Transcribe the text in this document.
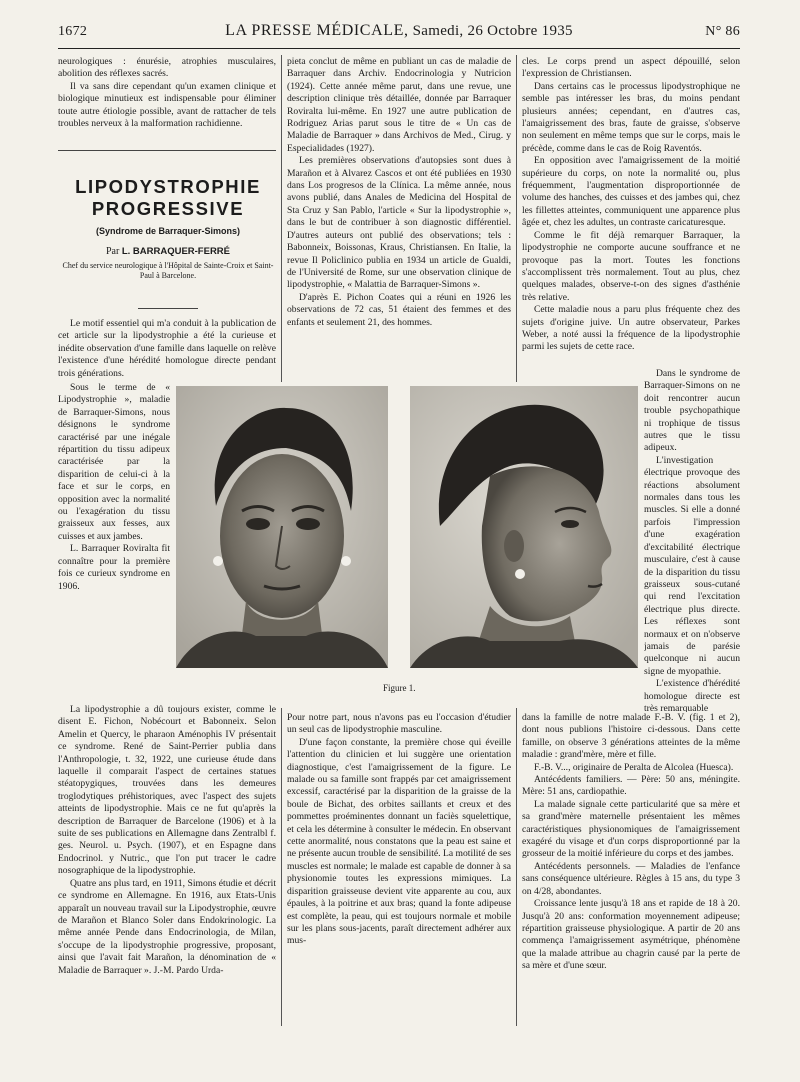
1672	LA PRESSE MÉDICALE, Samedi, 26 Octobre 1935	N° 86

neurologiques : énurésie, atrophies musculaires, abolition des réflexes sacrés.

Il va sans dire cependant qu'un examen clinique et biologique minutieux est indispensable pour éliminer toute autre étiologie possible, avant de rattacher de tels troubles nerveux à la malformation rachidienne.

LIPODYSTROPHIE PROGRESSIVE
(Syndrome de Barraquer-Simons)
Par L. BARRAQUER-FERRÉ
Chef du service neurologique à l'Hôpital de Sainte-Croix et Saint-Paul à Barcelone.

Le motif essentiel qui m'a conduit à la publication de cet article sur la lipodystrophie a été la curieuse et inédite observation d'une famille dans laquelle on relève l'existence d'une hérédité homologue directe pendant trois générations.

Sous le terme de « Lipodystrophie », maladie de Barraquer-Simons, nous désignons le syndrome caractérisé par une inégale répartition du tissu adipeux caractérisée par la disparition de celui-ci à la face et sur le corps, en opposition avec la normalité ou l'exagération du tissu graisseux aux fesses, aux cuisses et aux jambes.

L. Barraquer Roviralta fit connaître pour la première fois ce curieux syndrome en 1906.

La lipodystrophie a dû toujours exister, comme le disent E. Fichon, Nobécourt et Babonneix. Selon Amelin et Quercy, le pharaon Aménophis IV présentait ce syndrome. René de Saint-Perrier publia dans l'Anthropologie, t. 32, 1922, une curieuse étude dans laquelle il comparait l'aspect de certaines statues stéatopygiques, trouvées dans les demeures troglodytiques préhistoriques, avec l'aspect des sujets atteints de lipodystrophie. Mais ce ne fut qu'après la description de Barraquer de Barcelone (1906) et à la suite de ses publications en Allemagne dans Zentralbl f. ges. Neurol. u. Psych. (1907), et en Espagne dans Endocrinol. y Nutric., que l'on put tracer le cadre nosographique de la lipodystrophie.

Quatre ans plus tard, en 1911, Simons étudie et décrit ce syndrome en Allemagne. En 1916, aux Etats-Unis apparaît un nouveau travail sur la Lipodystrophie, œuvre de Marañon et Blanco Soler dans Endokrinologic. La même année Pende dans Endocrinologia, de Milan, s'occupe de la lipodystrophie progressive, proposant, ainsi que l'avait fait Marañon, la dénomination de « Maladie de Barraquer ». J.-M. Pardo Urda-

pieta conclut de même en publiant un cas de maladie de Barraquer dans Archiv. Endocrinologia y Nutricion (1924). Cette année même parut, dans une revue, une description clinique très détaillée, donnée par Barraquer Roviralta lui-même. En 1927 une autre publication de Rodriguez Arias parut sous le titre de « Un cas de Maladie de Barraquer » dans Archivos de Med., Cirug. y Especialidades (1927).

Les premières observations d'autopsies sont dues à Marañon et à Alvarez Cascos et ont été publiées en 1930 dans Los progresos de la Clínica. La même année, nous avons publié, dans Anales de Medicina del Hospital de Sta Cruz y San Pablo, l'article « Sur la lipodystrophie », dans le but de contribuer à son diagnostic différentiel. D'autres auteurs ont publié des observations; tels : Babonneix, Boissonas, Kraus, Christiansen. En Italie, la revue Il Policlinico publia en 1934 un article de Gualdi, de l'Université de Rome, sur une observation clinique de lipodystrophie, « Malattia de Barraquer-Simons ».

D'après E. Pichon Coates qui a réuni en 1926 les observations de 72 cas, 51 étaient des femmes et des enfants et seulement 21, des hommes.

cles. Le corps prend un aspect dépouillé, selon l'expression de Christiansen.

Dans certains cas le processus lipodystrophique ne semble pas intéresser les bras, du moins pendant plusieurs années; cependant, en d'autres cas, l'amaigrissement des bras, faute de graisse, s'observe non seulement en même temps que sur le corps, mais le précède, comme dans le cas de Roig Raventós.

En opposition avec l'amaigrissement de la moitié supérieure du corps, on note la normalité ou, plus fréquemment, l'augmentation disproportionnée de volume des hanches, des cuisses et des jambes qui, chez les fillettes atteintes, communiquent une apparence plus âgée et, chez les adultes, un contraste caricaturesque.

Comme le fit déjà remarquer Barraquer, la lipodystrophie ne comporte aucune souffrance et ne provoque pas la mort. Toutes les fonctions s'accomplissent très normalement. Tout au plus, chez quelques malades, observe-t-on des signes d'asthénie très relative.

Cette maladie nous a paru plus fréquente chez des sujets d'origine juive. Un autre observateur, Parkes Weber, a noté aussi la fréquence de la lipodystrophie parmi les sujets de cette race.

Dans le syndrome de Barraquer-Simons on ne doit rencontrer aucun trouble psychopathique ni trophique de tissus autres que le tissu adipeux.

L'investigation électrique provoque des réactions absolument normales dans tous les muscles. Si elle a donné parfois l'impression d'une exagération d'excitabilité électrique musculaire, c'est à cause de la disparition du tissu graisseux sous-cutané qui rend l'excitation électrique plus directe. Les réflexes sont normaux et on n'observe jamais de parésie quelconque ni aucun signe de myopathie.

L'existence d'hérédité homologue directe est très remarquable

dans la famille de notre malade F.-B. V. (fig. 1 et 2), dont nous publions l'histoire ci-dessous. Dans cette famille, on observe 3 générations atteintes de la même maladie : grand'mère, mère et fille.

F.-B. V..., originaire de Peralta de Alcolea (Huesca).

Antécédents familiers. — Père: 50 ans, méningite. Mère: 51 ans, cardiopathie.

La malade signale cette particularité que sa mère et sa grand'mère maternelle présentaient les mêmes caractéristiques physionomiques de l'amaigrissement exagéré du visage et d'un corps disproportionné par la grosseur de la moitié inférieure du corps et des jambes.

Antécédents personnels. — Maladies de l'enfance sans conséquence ultérieure. Règles à 15 ans, du type 3 on 4/28, abondantes.

Croissance lente jusqu'à 18 ans et rapide de 18 à 20. Jusqu'à 20 ans: conformation moyennement adipeuse; répartition graisseuse physiologique. A partir de 20 ans commença l'amaigrissement asymétrique, phénomène que la malade attribue au chagrin causé par la perte de sa mère et d'une sœur.

Pour notre part, nous n'avons pas eu l'occasion d'étudier un seul cas de lipodystrophie masculine.

D'une façon constante, la première chose qui éveille l'attention du clinicien et lui suggère une orientation diagnostique, c'est l'amaigrissement de la figure. Le malade ou sa famille sont frappés par cet amaigrissement excessif, caractérisé par la disparition de la graisse de la boule de Bichat, des orbites saillants et creux et des pommettes proéminentes donnant un faciès squelettique, et cela les détermine à consulter le médecin. En observant cette anormalité, nous constatons que la peau est saine et ne présente aucun trouble de sensibilité. La motilité de ses muscles est normale; le malade est capable de donner à sa physionomie toutes les expressions mimiques. La disparition graisseuse devient vite apparente au cou, aux épaules, à la poitrine et aux bras; quand la fonte adipeuse est complète, la peau, qui est toujours normale et mobile sur les plans sous-jacents, paraît directement adhérer aux mus-

Figure 1.
